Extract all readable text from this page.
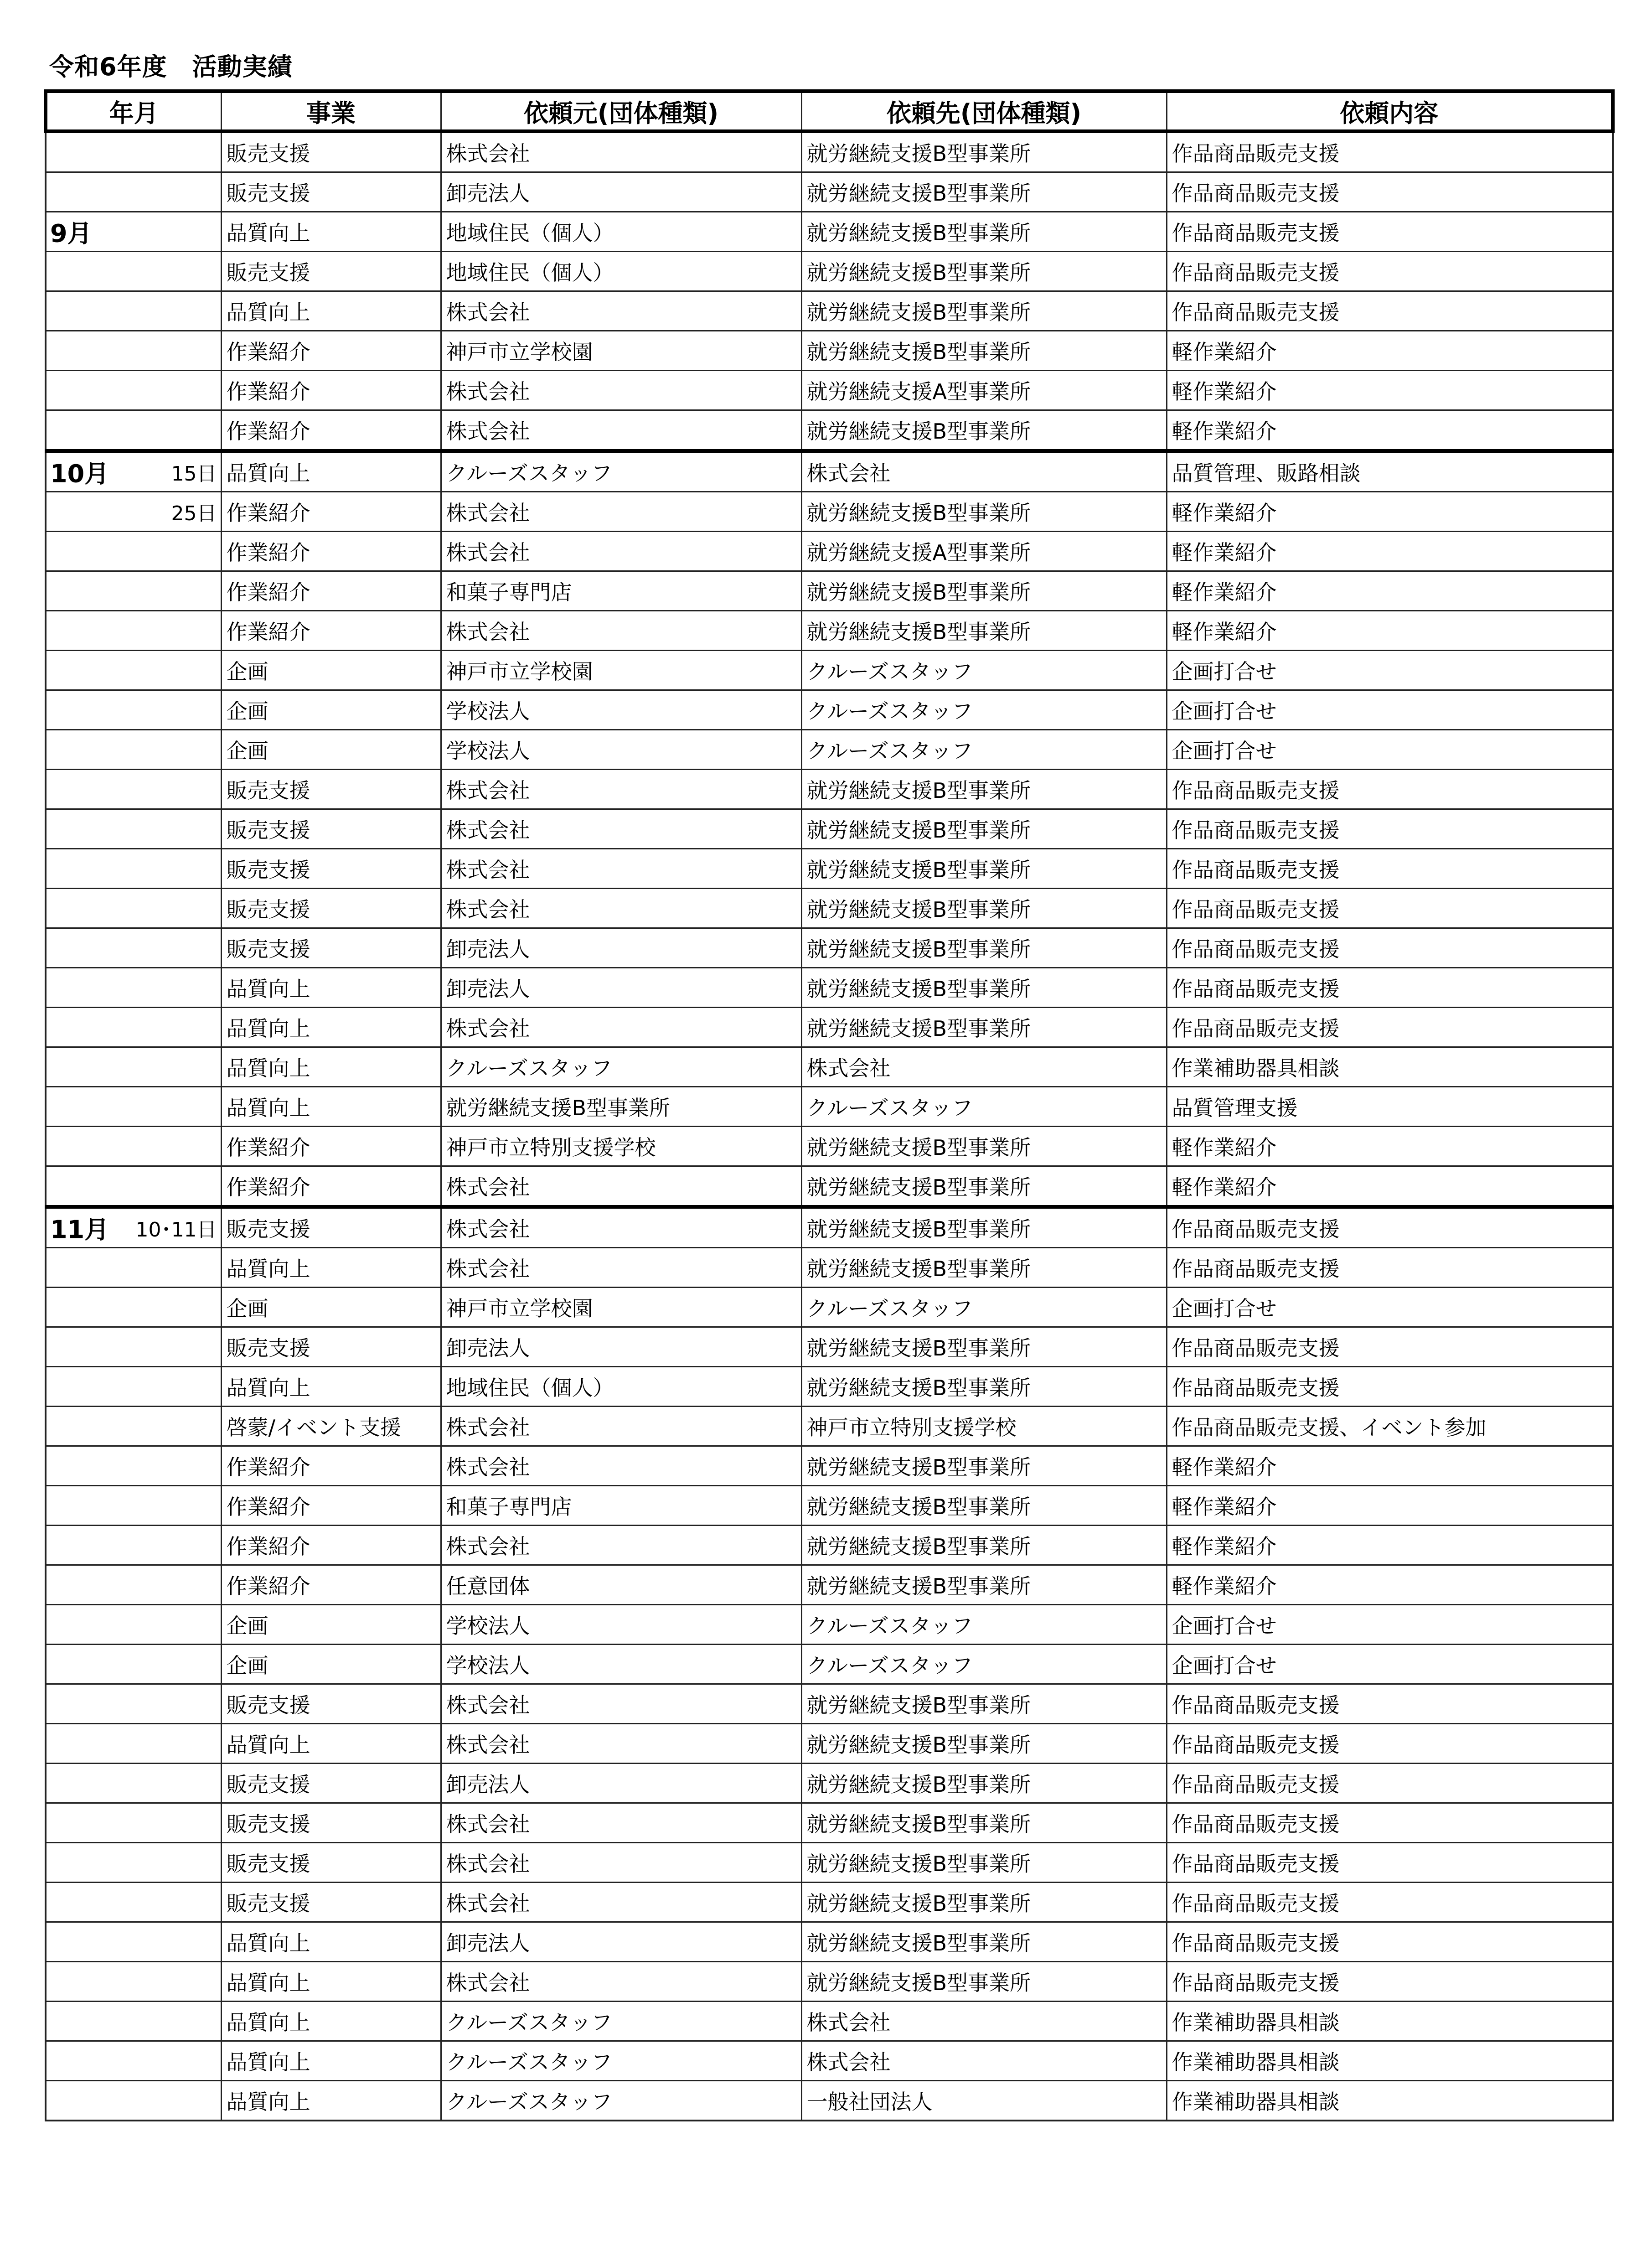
令和6年度　活動実績
年月	事業	依頼元(団体種類)	依頼先(団体種類)	依頼内容

	販売支援	株式会社	就労継続支援B型事業所	作品商品販売支援

	販売支援	卸売法人	就労継続支援B型事業所	作品商品販売支援

9月	品質向上	地域住民（個人）	就労継続支援B型事業所	作品商品販売支援

	販売支援	地域住民（個人）	就労継続支援B型事業所	作品商品販売支援

	品質向上	株式会社	就労継続支援B型事業所	作品商品販売支援

	作業紹介	神戸市立学校園	就労継続支援B型事業所	軽作業紹介

	作業紹介	株式会社	就労継続支援A型事業所	軽作業紹介

	作業紹介	株式会社	就労継続支援B型事業所	軽作業紹介

10月 15日	品質向上	クルーズスタッフ	株式会社	品質管理、販路相談

25日	作業紹介	株式会社	就労継続支援B型事業所	軽作業紹介

	作業紹介	株式会社	就労継続支援A型事業所	軽作業紹介

	作業紹介	和菓子専門店	就労継続支援B型事業所	軽作業紹介

	作業紹介	株式会社	就労継続支援B型事業所	軽作業紹介

	企画	神戸市立学校園	クルーズスタッフ	企画打合せ

	企画	学校法人	クルーズスタッフ	企画打合せ

	企画	学校法人	クルーズスタッフ	企画打合せ

	販売支援	株式会社	就労継続支援B型事業所	作品商品販売支援

	販売支援	株式会社	就労継続支援B型事業所	作品商品販売支援

	販売支援	株式会社	就労継続支援B型事業所	作品商品販売支援

	販売支援	株式会社	就労継続支援B型事業所	作品商品販売支援

	販売支援	卸売法人	就労継続支援B型事業所	作品商品販売支援

	品質向上	卸売法人	就労継続支援B型事業所	作品商品販売支援

	品質向上	株式会社	就労継続支援B型事業所	作品商品販売支援

	品質向上	クルーズスタッフ	株式会社	作業補助器具相談

	品質向上	就労継続支援B型事業所	クルーズスタッフ	品質管理支援

	作業紹介	神戸市立特別支援学校	就労継続支援B型事業所	軽作業紹介

	作業紹介	株式会社	就労継続支援B型事業所	軽作業紹介

11月 10･11日	販売支援	株式会社	就労継続支援B型事業所	作品商品販売支援

	品質向上	株式会社	就労継続支援B型事業所	作品商品販売支援

	企画	神戸市立学校園	クルーズスタッフ	企画打合せ

	販売支援	卸売法人	就労継続支援B型事業所	作品商品販売支援

	品質向上	地域住民（個人）	就労継続支援B型事業所	作品商品販売支援

	啓蒙/イベント支援	株式会社	神戸市立特別支援学校	作品商品販売支援、イベント参加

	作業紹介	株式会社	就労継続支援B型事業所	軽作業紹介

	作業紹介	和菓子専門店	就労継続支援B型事業所	軽作業紹介

	作業紹介	株式会社	就労継続支援B型事業所	軽作業紹介

	作業紹介	任意団体	就労継続支援B型事業所	軽作業紹介

	企画	学校法人	クルーズスタッフ	企画打合せ

	企画	学校法人	クルーズスタッフ	企画打合せ

	販売支援	株式会社	就労継続支援B型事業所	作品商品販売支援

	品質向上	株式会社	就労継続支援B型事業所	作品商品販売支援

	販売支援	卸売法人	就労継続支援B型事業所	作品商品販売支援

	販売支援	株式会社	就労継続支援B型事業所	作品商品販売支援

	販売支援	株式会社	就労継続支援B型事業所	作品商品販売支援

	販売支援	株式会社	就労継続支援B型事業所	作品商品販売支援

	品質向上	卸売法人	就労継続支援B型事業所	作品商品販売支援

	品質向上	株式会社	就労継続支援B型事業所	作品商品販売支援

	品質向上	クルーズスタッフ	株式会社	作業補助器具相談

	品質向上	クルーズスタッフ	株式会社	作業補助器具相談

	品質向上	クルーズスタッフ	一般社団法人	作業補助器具相談
